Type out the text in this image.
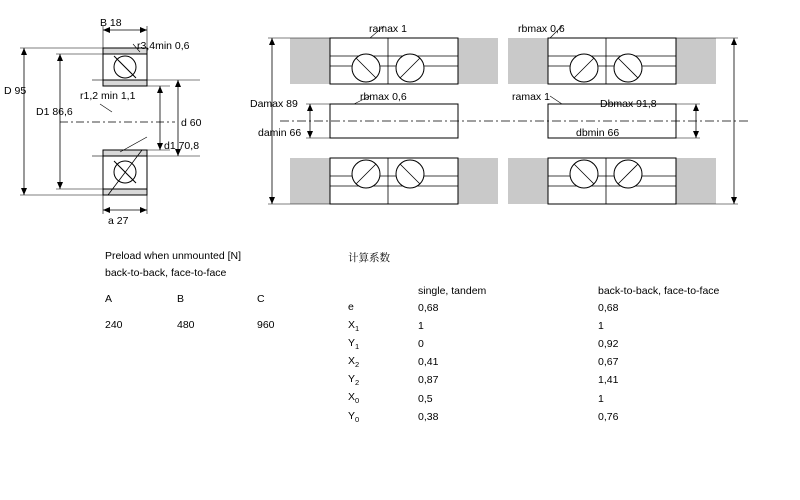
B 18
r3,4min 0,6
D 95	r1,2 min 1,1
D1 86,6
d 60
d1 70,8
a 27
ramax 1	rbmax 0,6
Damax 89
rbmax 0,6	ramax 1
Dbmax 91,8
damin 66	dbmin 66
Preload when unmounted [N]
back-to-back, face-to-face
A	B	C
240	480	960
计算系数
	single, tandem	back-to-back, face-to-face
e	0,68	0,68
$X_1$	1	1
$Y_1$	0	0,92
$X_2$	0,41	0,67
$Y_2$	0,87	1,41
$X_0$	0,5	1
$Y_0$	0,38	0,76
